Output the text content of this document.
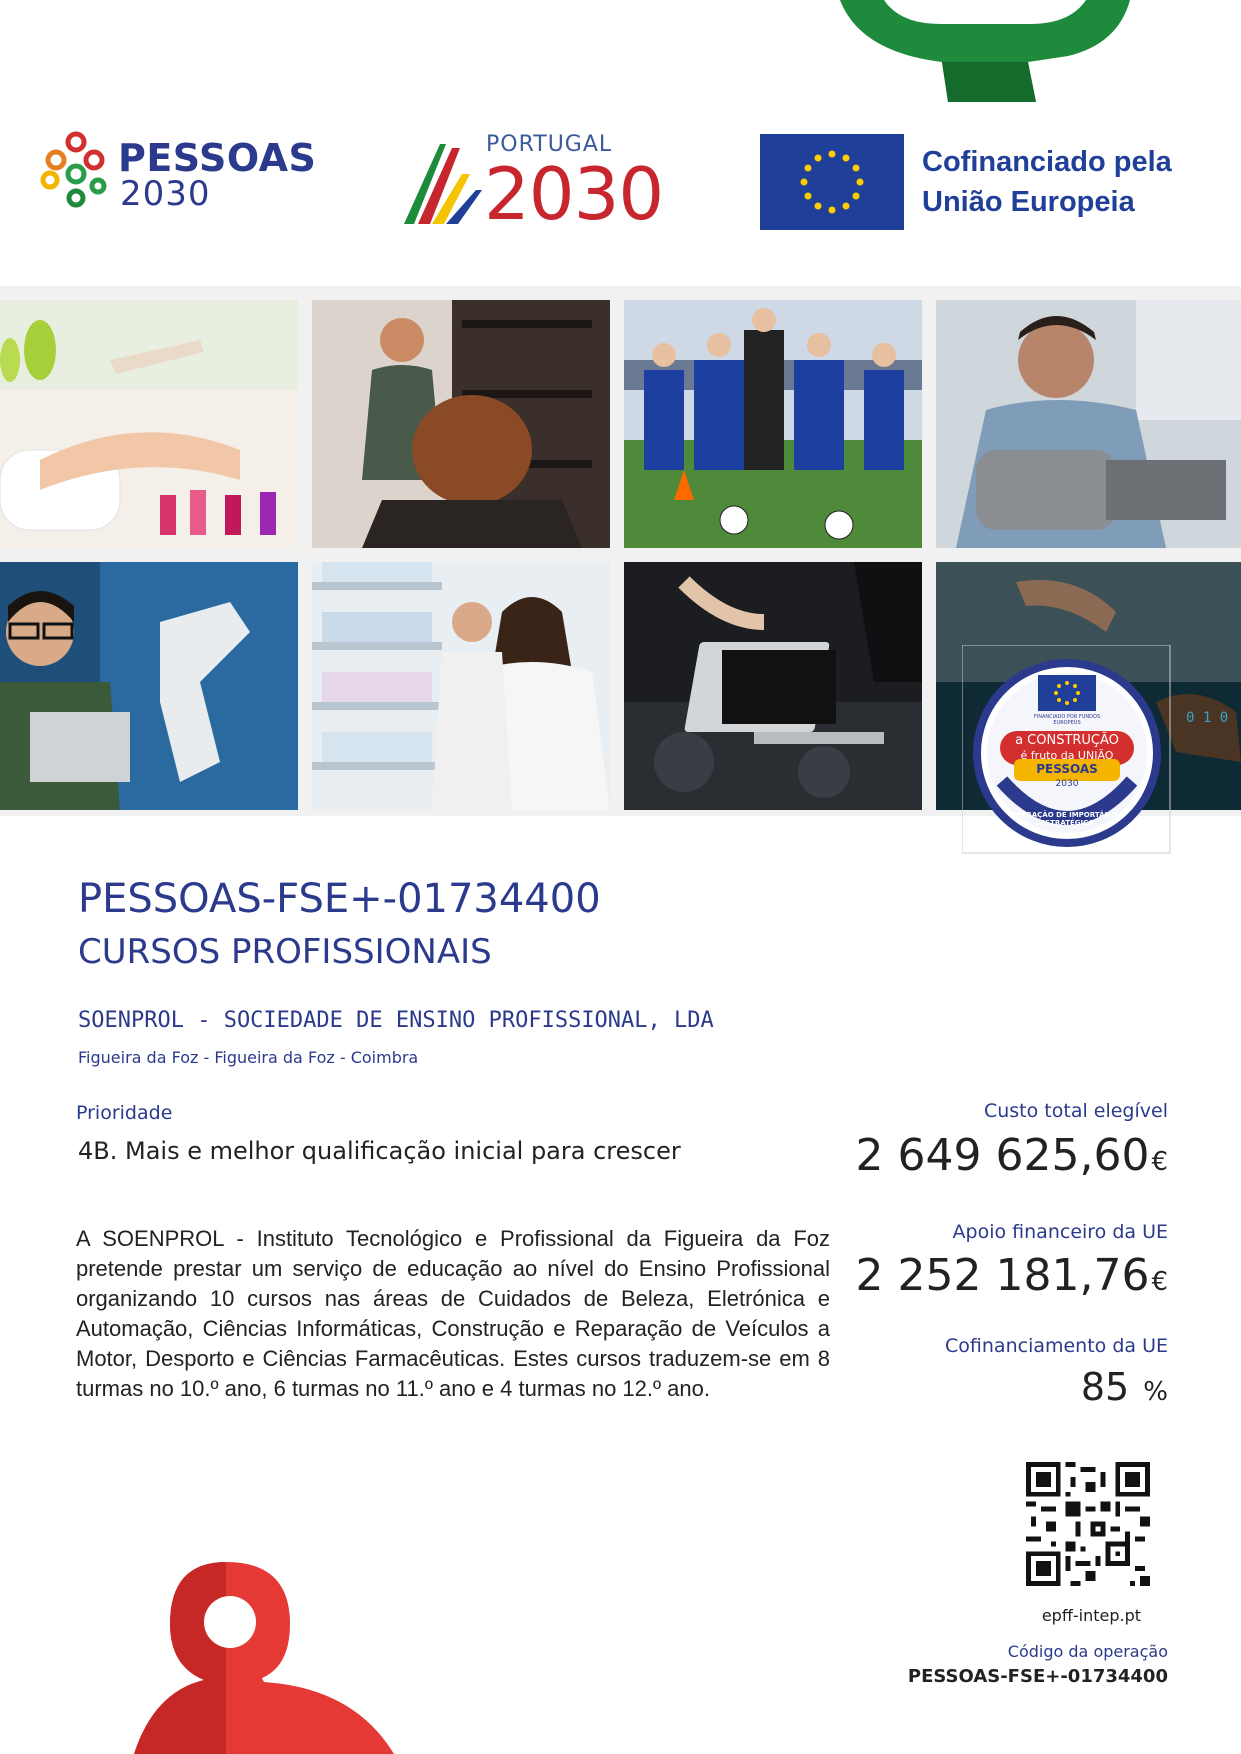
PESSOAS
2030
PORTUGAL
2030	Cofinanciado pela
União Europeia
0 1 0
FINANCIADO POR FUNDOS EUROPEUS
a CONSTRUÇÃO
é fruto da UNIÃO
PESSOAS
2030
OPERAÇÃO DE IMPORTÂNCIA ESTRATÉGICA
PESSOAS-FSE+-01734400
CURSOS PROFISSIONAIS
SOENPROL - SOCIEDADE DE ENSINO PROFISSIONAL, LDA
Figueira da Foz - Figueira da Foz - Coimbra
Prioridade
4B. Mais e melhor qualificação inicial para crescer
A SOENPROL - Instituto Tecnológico e Profissional da Figueira da Foz pretende prestar um serviço de educação ao nível do Ensino Profissional organizando 10 cursos nas áreas de Cuidados de Beleza, Eletrónica e Automação, Ciências Informáticas, Construção e Reparação de Veículos a Motor, Desporto e Ciências Farmacêuticas. Estes cursos traduzem-se em 8 turmas no 10.º ano, 6 turmas no 11.º ano e 4 turmas no 12.º ano.
Custo total elegível
2 649 625,60€
Apoio financeiro da UE
2 252 181,76€
Cofinanciamento da UE
85 %
epff-intep.pt
Código da operação
PESSOAS-FSE+-01734400
